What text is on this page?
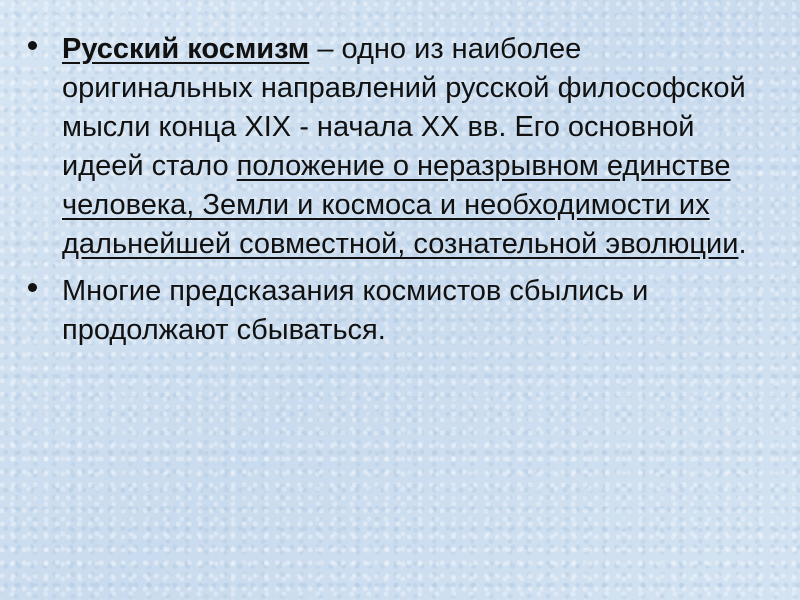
Русский космизм – одно из наиболее оригинальных направлений русской философской мысли конца XIX - начала XX вв. Его основной идеей стало положение о неразрывном единстве человека, Земли и космоса и необходимости их дальнейшей совместной, сознательной эволюции.
Многие предсказания космистов сбылись и продолжают сбываться.
